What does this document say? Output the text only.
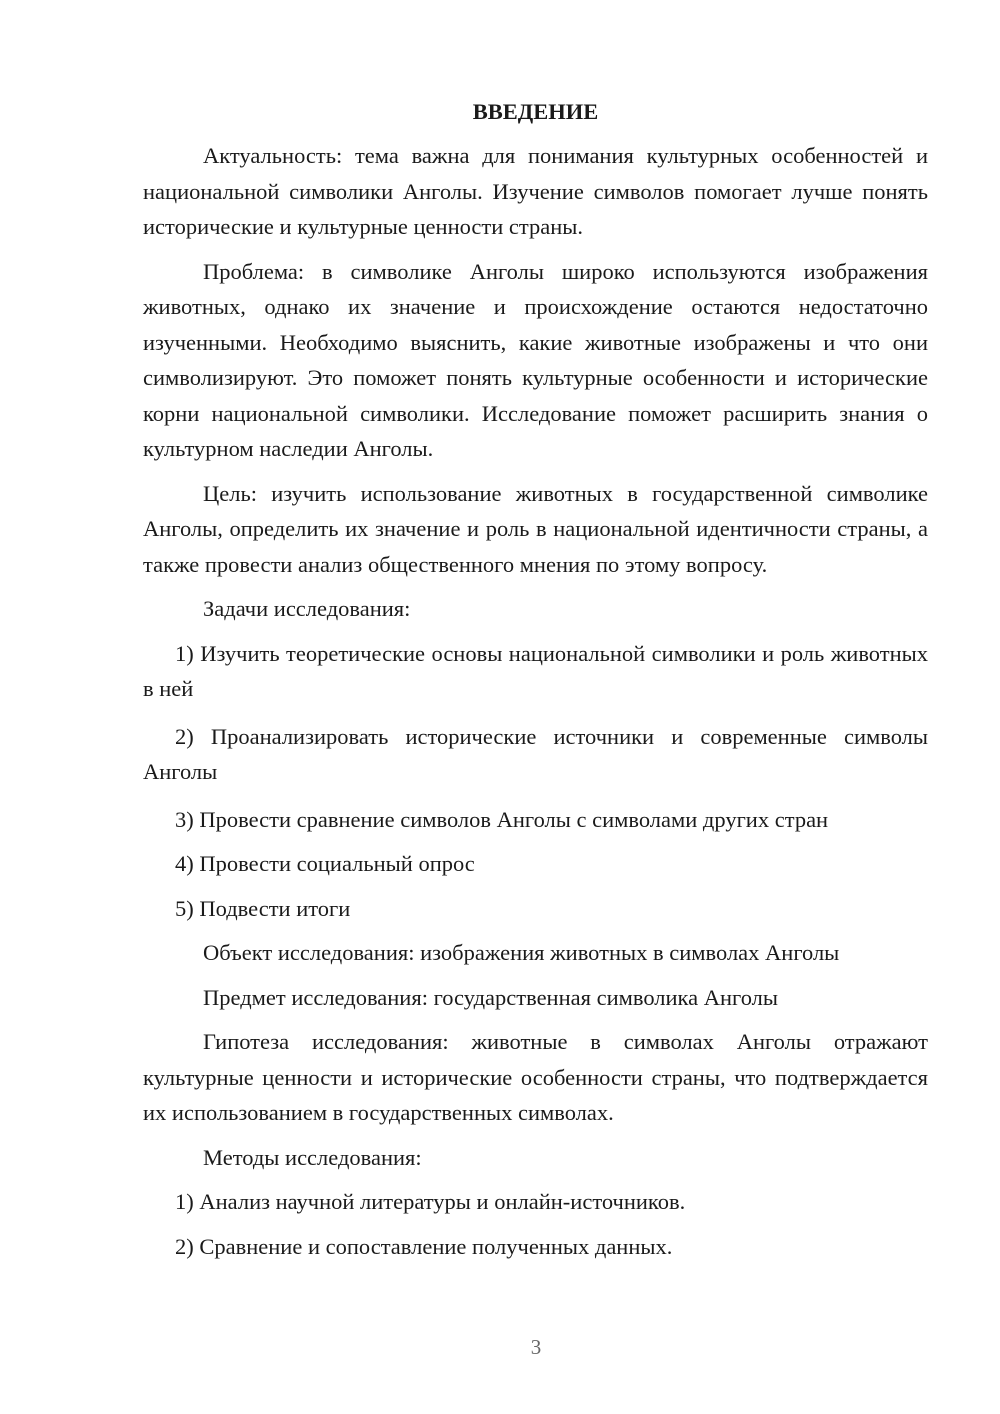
ВВЕДЕНИЕ

Актуальность: тема важна для понимания культурных особенностей и национальной символики Анголы. Изучение символов помогает лучше понять исторические и культурные ценности страны.

Проблема: в символике Анголы широко используются изображения животных, однако их значение и происхождение остаются недостаточно изученными. Необходимо выяснить, какие животные изображены и что они символизируют. Это поможет понять культурные особенности и исторические корни национальной символики. Исследование поможет расширить знания о культурном наследии Анголы.

Цель: изучить использование животных в государственной символике Анголы, определить их значение и роль в национальной идентичности страны, а также провести анализ общественного мнения по этому вопросу.

Задачи исследования:

1) Изучить теоретические основы национальной символики и роль животных в ней

2) Проанализировать исторические источники и современные символы Анголы

3) Провести сравнение символов Анголы с символами других стран

4) Провести социальный опрос

5) Подвести итоги

Объект исследования: изображения животных в символах Анголы

Предмет исследования: государственная символика Анголы

Гипотеза исследования: животные в символах Анголы отражают культурные ценности и исторические особенности страны, что подтверждается их использованием в государственных символах.

Методы исследования:

1) Анализ научной литературы и онлайн-источников.

2) Сравнение и сопоставление полученных данных.

3
